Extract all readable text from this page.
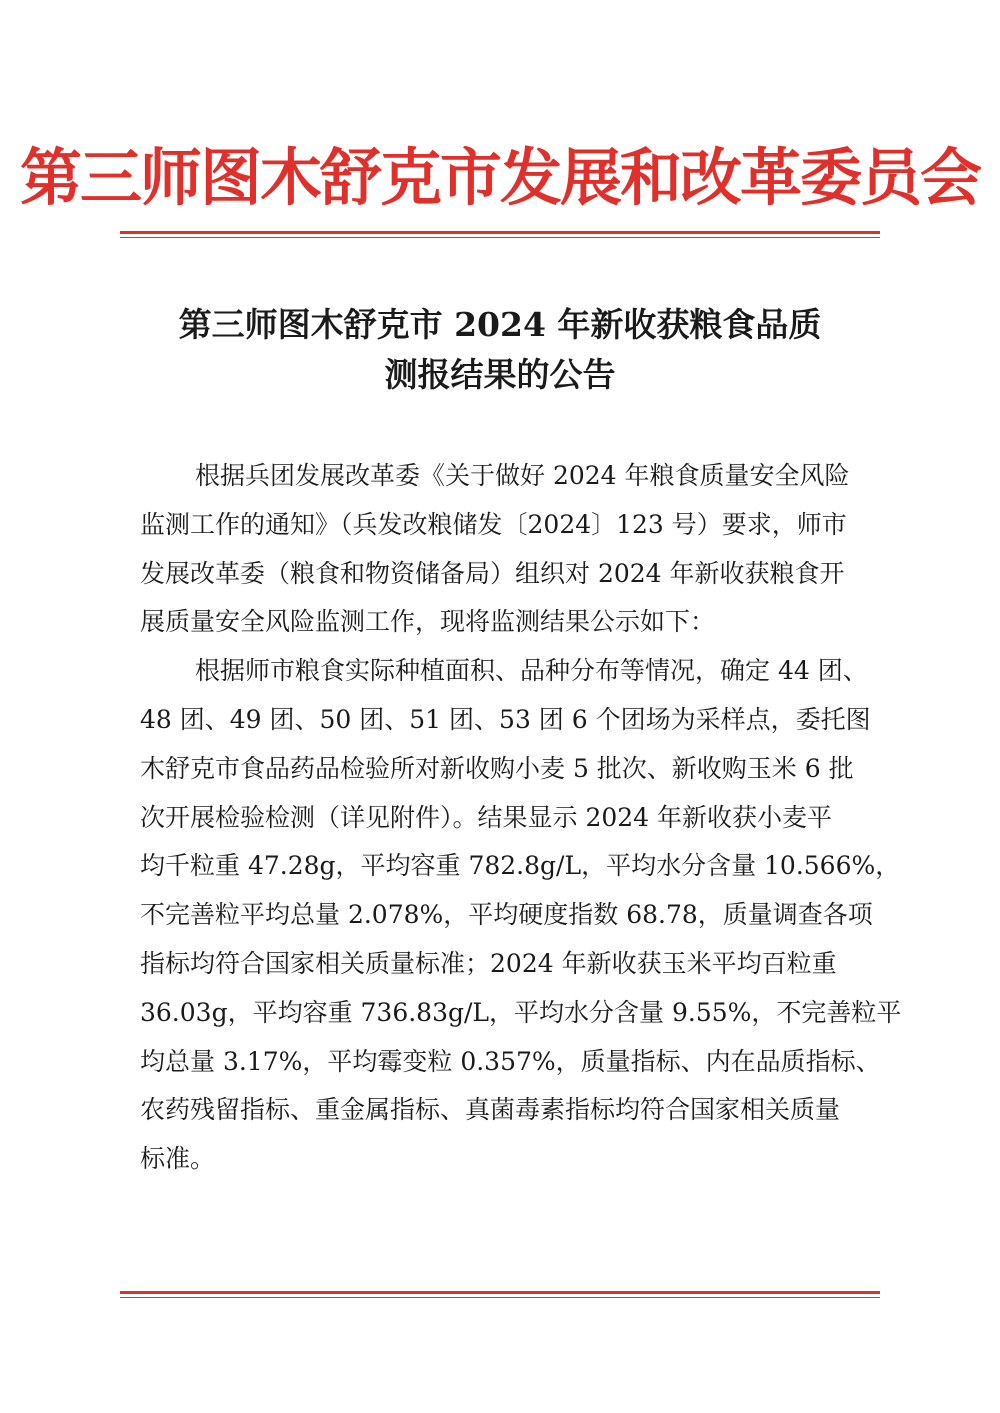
第三师图木舒克市发展和改革委员会
第三师图木舒克市 2024 年新收获粮食品质
测报结果的公告
根据兵团发展改革委《关于做好 2024 年粮食质量安全风险
监测工作的通知》（兵发改粮储发〔2024〕123 号）要求，师市
发展改革委（粮食和物资储备局）组织对 2024 年新收获粮食开
展质量安全风险监测工作，现将监测结果公示如下：
根据师市粮食实际种植面积、品种分布等情况，确定 44 团、
48 团、49 团、50 团、51 团、53 团 6 个团场为采样点，委托图
木舒克市食品药品检验所对新收购小麦 5 批次、新收购玉米 6 批
次开展检验检测（详见附件）。结果显示 2024 年新收获小麦平
均千粒重 47.28g，平均容重 782.8g/L，平均水分含量 10.566%，
不完善粒平均总量 2.078%，平均硬度指数 68.78，质量调查各项
指标均符合国家相关质量标准；2024 年新收获玉米平均百粒重
36.03g，平均容重 736.83g/L，平均水分含量 9.55%，不完善粒平
均总量 3.17%，平均霉变粒 0.357%，质量指标、内在品质指标、
农药残留指标、重金属指标、真菌毒素指标均符合国家相关质量
标准。
